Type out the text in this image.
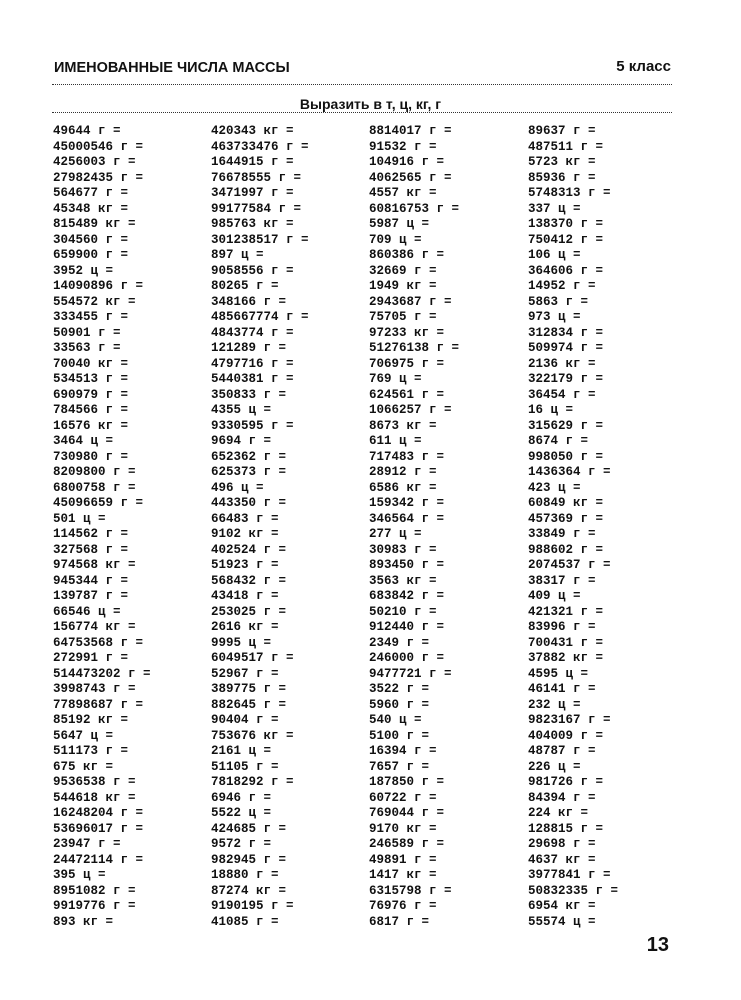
ИМЕНОВАННЫЕ ЧИСЛА МАССЫ	5 класс
Выразить в т, ц, кг, г
49644 г =
45000546 г =
4256003 г =
27982435 г =
564677 г =
45348 кг =
815489 кг =
304560 г =
659900 г =
3952 ц =
14090896 г =
554572 кг =
333455 г =
50901 г =
33563 г =
70040 кг =
534513 г =
690979 г =
784566 г =
16576 кг =
3464 ц =
730980 г =
8209800 г =
6800758 г =
45096659 г =
501 ц =
114562 г =
327568 г =
974568 кг =
945344 г =
139787 г =
66546 ц =
156774 кг =
64753568 г =
272991 г =
514473202 г =
3998743 г =
77898687 г =
85192 кг =
5647 ц =
511173 г =
675 кг =
9536538 г =
544618 кг =
16248204 г =
53696017 г =
23947 г =
24472114 г =
395 ц =
8951082 г =
9919776 г =
893 кг =
420343 кг =
463733476 г =
1644915 г =
76678555 г =
3471997 г =
99177584 г =
985763 кг =
301238517 г =
897 ц =
9058556 г =
80265 г =
348166 г =
485667774 г =
4843774 г =
121289 г =
4797716 г =
5440381 г =
350833 г =
4355 ц =
9330595 г =
9694 г =
652362 г =
625373 г =
496 ц =
443350 г =
66483 г =
9102 кг =
402524 г =
51923 г =
568432 г =
43418 г =
253025 г =
2616 кг =
9995 ц =
6049517 г =
52967 г =
389775 г =
882645 г =
90404 г =
753676 кг =
2161 ц =
51105 г =
7818292 г =
6946 г =
5522 ц =
424685 г =
9572 г =
982945 г =
18880 г =
87274 кг =
9190195 г =
41085 г =
8814017 г =
91532 г =
104916 г =
4062565 г =
4557 кг =
60816753 г =
5987 ц =
709 ц =
860386 г =
32669 г =
1949 кг =
2943687 г =
75705 г =
97233 кг =
51276138 г =
706975 г =
769 ц =
624561 г =
1066257 г =
8673 кг =
611 ц =
717483 г =
28912 г =
6586 кг =
159342 г =
346564 г =
277 ц =
30983 г =
893450 г =
3563 кг =
683842 г =
50210 г =
912440 г =
2349 г =
246000 г =
9477721 г =
3522 г =
5960 г =
540 ц =
5100 г =
16394 г =
7657 г =
187850 г =
60722 г =
769044 г =
9170 кг =
246589 г =
49891 г =
1417 кг =
6315798 г =
76976 г =
6817 г =
89637 г =
487511 г =
5723 кг =
85936 г =
5748313 г =
337 ц =
138370 г =
750412 г =
106 ц =
364606 г =
14952 г =
5863 г =
973 ц =
312834 г =
509974 г =
2136 кг =
322179 г =
36454 г =
16 ц =
315629 г =
8674 г =
998050 г =
1436364 г =
423 ц =
60849 кг =
457369 г =
33849 г =
988602 г =
2074537 г =
38317 г =
409 ц =
421321 г =
83996 г =
700431 г =
37882 кг =
4595 ц =
46141 г =
232 ц =
9823167 г =
404009 г =
48787 г =
226 ц =
981726 г =
84394 г =
224 кг =
128815 г =
29698 г =
4637 кг =
3977841 г =
50832335 г =
6954 кг =
55574 ц =
13
